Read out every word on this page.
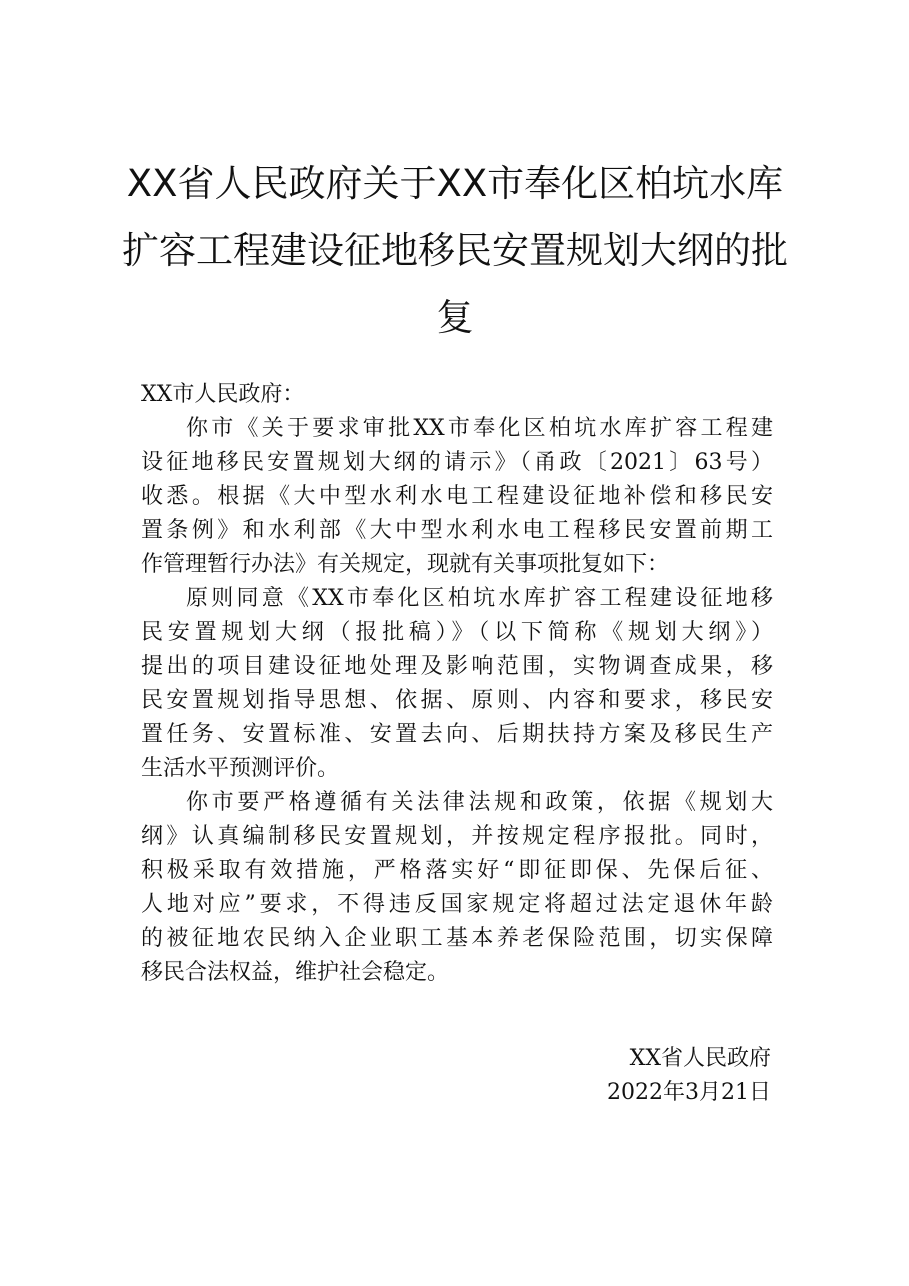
XX省人民政府关于XX市奉化区柏坑水库
扩容工程建设征地移民安置规划大纲的批
复
XX市人民政府：
你市《关于要求审批XX市奉化区柏坑水库扩容工程建
设征地移民安置规划大纲的请示》（甬政〔2021〕63号）
收悉。根据《大中型水利水电工程建设征地补偿和移民安
置条例》和水利部《大中型水利水电工程移民安置前期工
作管理暂行办法》有关规定，现就有关事项批复如下：
原则同意《XX市奉化区柏坑水库扩容工程建设征地移
民安置规划大纲（报批稿）》（以下简称《规划大纲》）
提出的项目建设征地处理及影响范围，实物调查成果，移
民安置规划指导思想、依据、原则、内容和要求，移民安
置任务、安置标准、安置去向、后期扶持方案及移民生产
生活水平预测评价。
你市要严格遵循有关法律法规和政策，依据《规划大
纲》认真编制移民安置规划，并按规定程序报批。同时，
积极采取有效措施，严格落实好“即征即保、先保后征、
人地对应”要求，不得违反国家规定将超过法定退休年龄
的被征地农民纳入企业职工基本养老保险范围，切实保障
移民合法权益，维护社会稳定。
XX省人民政府
2022年3月21日
